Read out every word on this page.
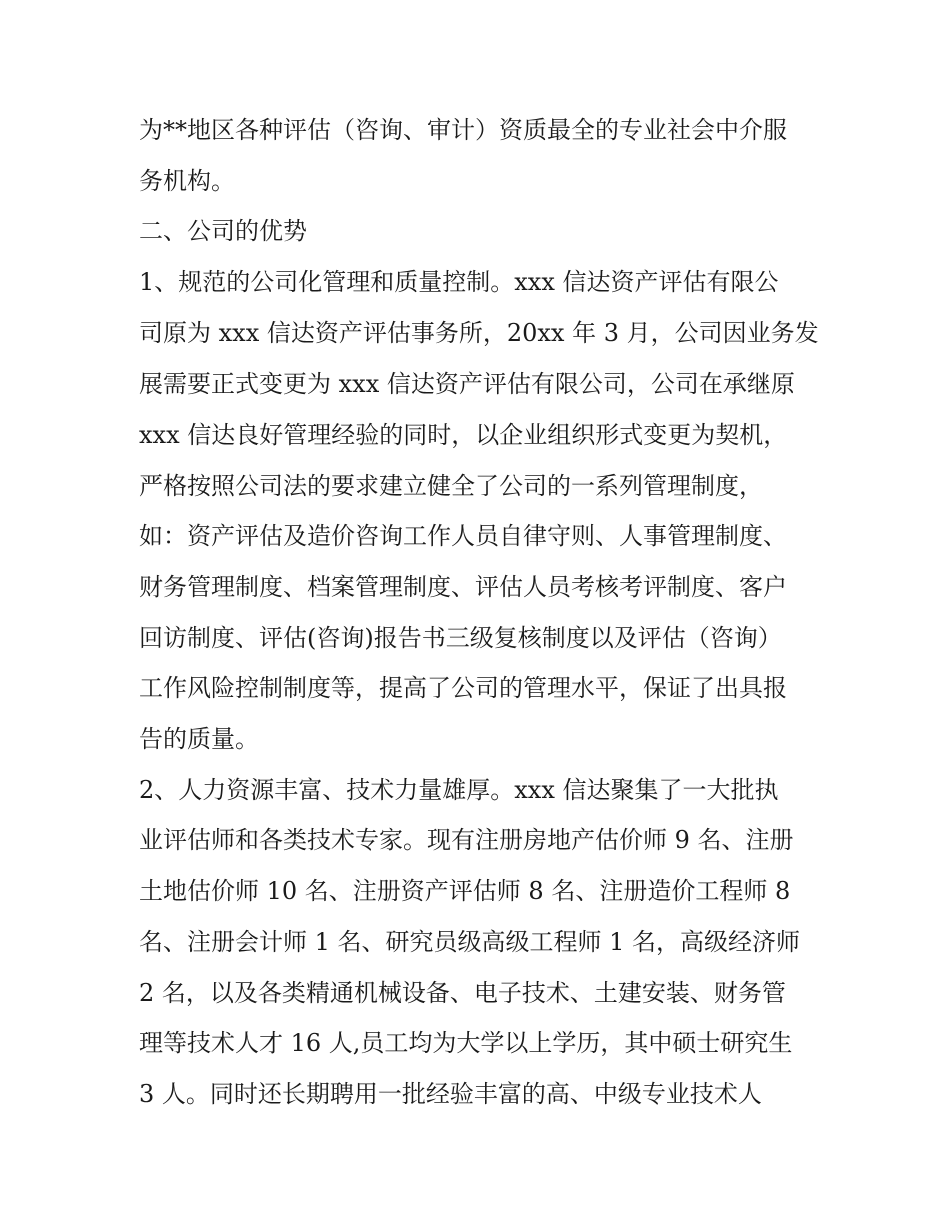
为**地区各种评估（咨询、审计）资质最全的专业社会中介服
务机构。
二、公司的优势
1、规范的公司化管理和质量控制。xxx 信达资产评估有限公
司原为 xxx 信达资产评估事务所，20xx 年 3 月，公司因业务发
展需要正式变更为 xxx 信达资产评估有限公司，公司在承继原
xxx 信达良好管理经验的同时，以企业组织形式变更为契机，
严格按照公司法的要求建立健全了公司的一系列管理制度，
如：资产评估及造价咨询工作人员自律守则、人事管理制度、
财务管理制度、档案管理制度、评估人员考核考评制度、客户
回访制度、评估(咨询)报告书三级复核制度以及评估（咨询）
工作风险控制制度等，提高了公司的管理水平，保证了出具报
告的质量。
2、人力资源丰富、技术力量雄厚。xxx 信达聚集了一大批执
业评估师和各类技术专家。现有注册房地产估价师 9 名、注册
土地估价师 10 名、注册资产评估师 8 名、注册造价工程师 8
名、注册会计师 1 名、研究员级高级工程师 1 名，高级经济师
2 名，以及各类精通机械设备、电子技术、土建安装、财务管
理等技术人才 16 人,员工均为大学以上学历，其中硕士研究生
3 人。同时还长期聘用一批经验丰富的高、中级专业技术人
